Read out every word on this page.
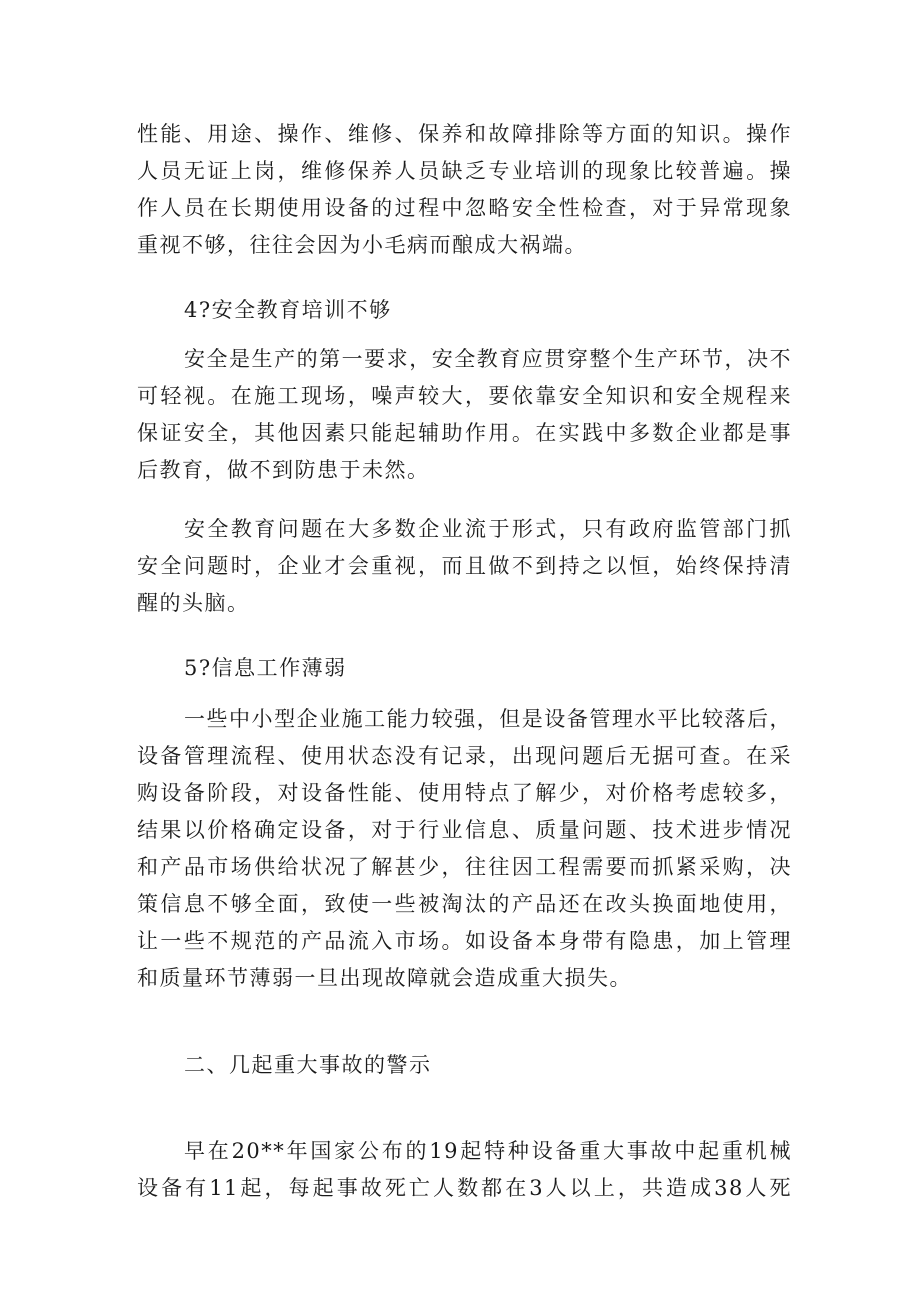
性能、用途、操作、维修、保养和故障排除等方面的知识。操作
人员无证上岗，维修保养人员缺乏专业培训的现象比较普遍。操
作人员在长期使用设备的过程中忽略安全性检查，对于异常现象
重视不够，往往会因为小毛病而酿成大祸端。

4?安全教育培训不够

安全是生产的第一要求，安全教育应贯穿整个生产环节，决不
可轻视。在施工现场，噪声较大，要依靠安全知识和安全规程来
保证安全，其他因素只能起辅助作用。在实践中多数企业都是事
后教育，做不到防患于未然。

安全教育问题在大多数企业流于形式，只有政府监管部门抓
安全问题时，企业才会重视，而且做不到持之以恒，始终保持清
醒的头脑。

5?信息工作薄弱

一些中小型企业施工能力较强，但是设备管理水平比较落后，
设备管理流程、使用状态没有记录，出现问题后无据可查。在采
购设备阶段，对设备性能、使用特点了解少，对价格考虑较多，
结果以价格确定设备，对于行业信息、质量问题、技术进步情况
和产品市场供给状况了解甚少，往往因工程需要而抓紧采购，决
策信息不够全面，致使一些被淘汰的产品还在改头换面地使用，
让一些不规范的产品流入市场。如设备本身带有隐患，加上管理
和质量环节薄弱一旦出现故障就会造成重大损失。

二、几起重大事故的警示

早在20**年国家公布的19起特种设备重大事故中起重机械
设备有11起，每起事故死亡人数都在3人以上，共造成38人死
